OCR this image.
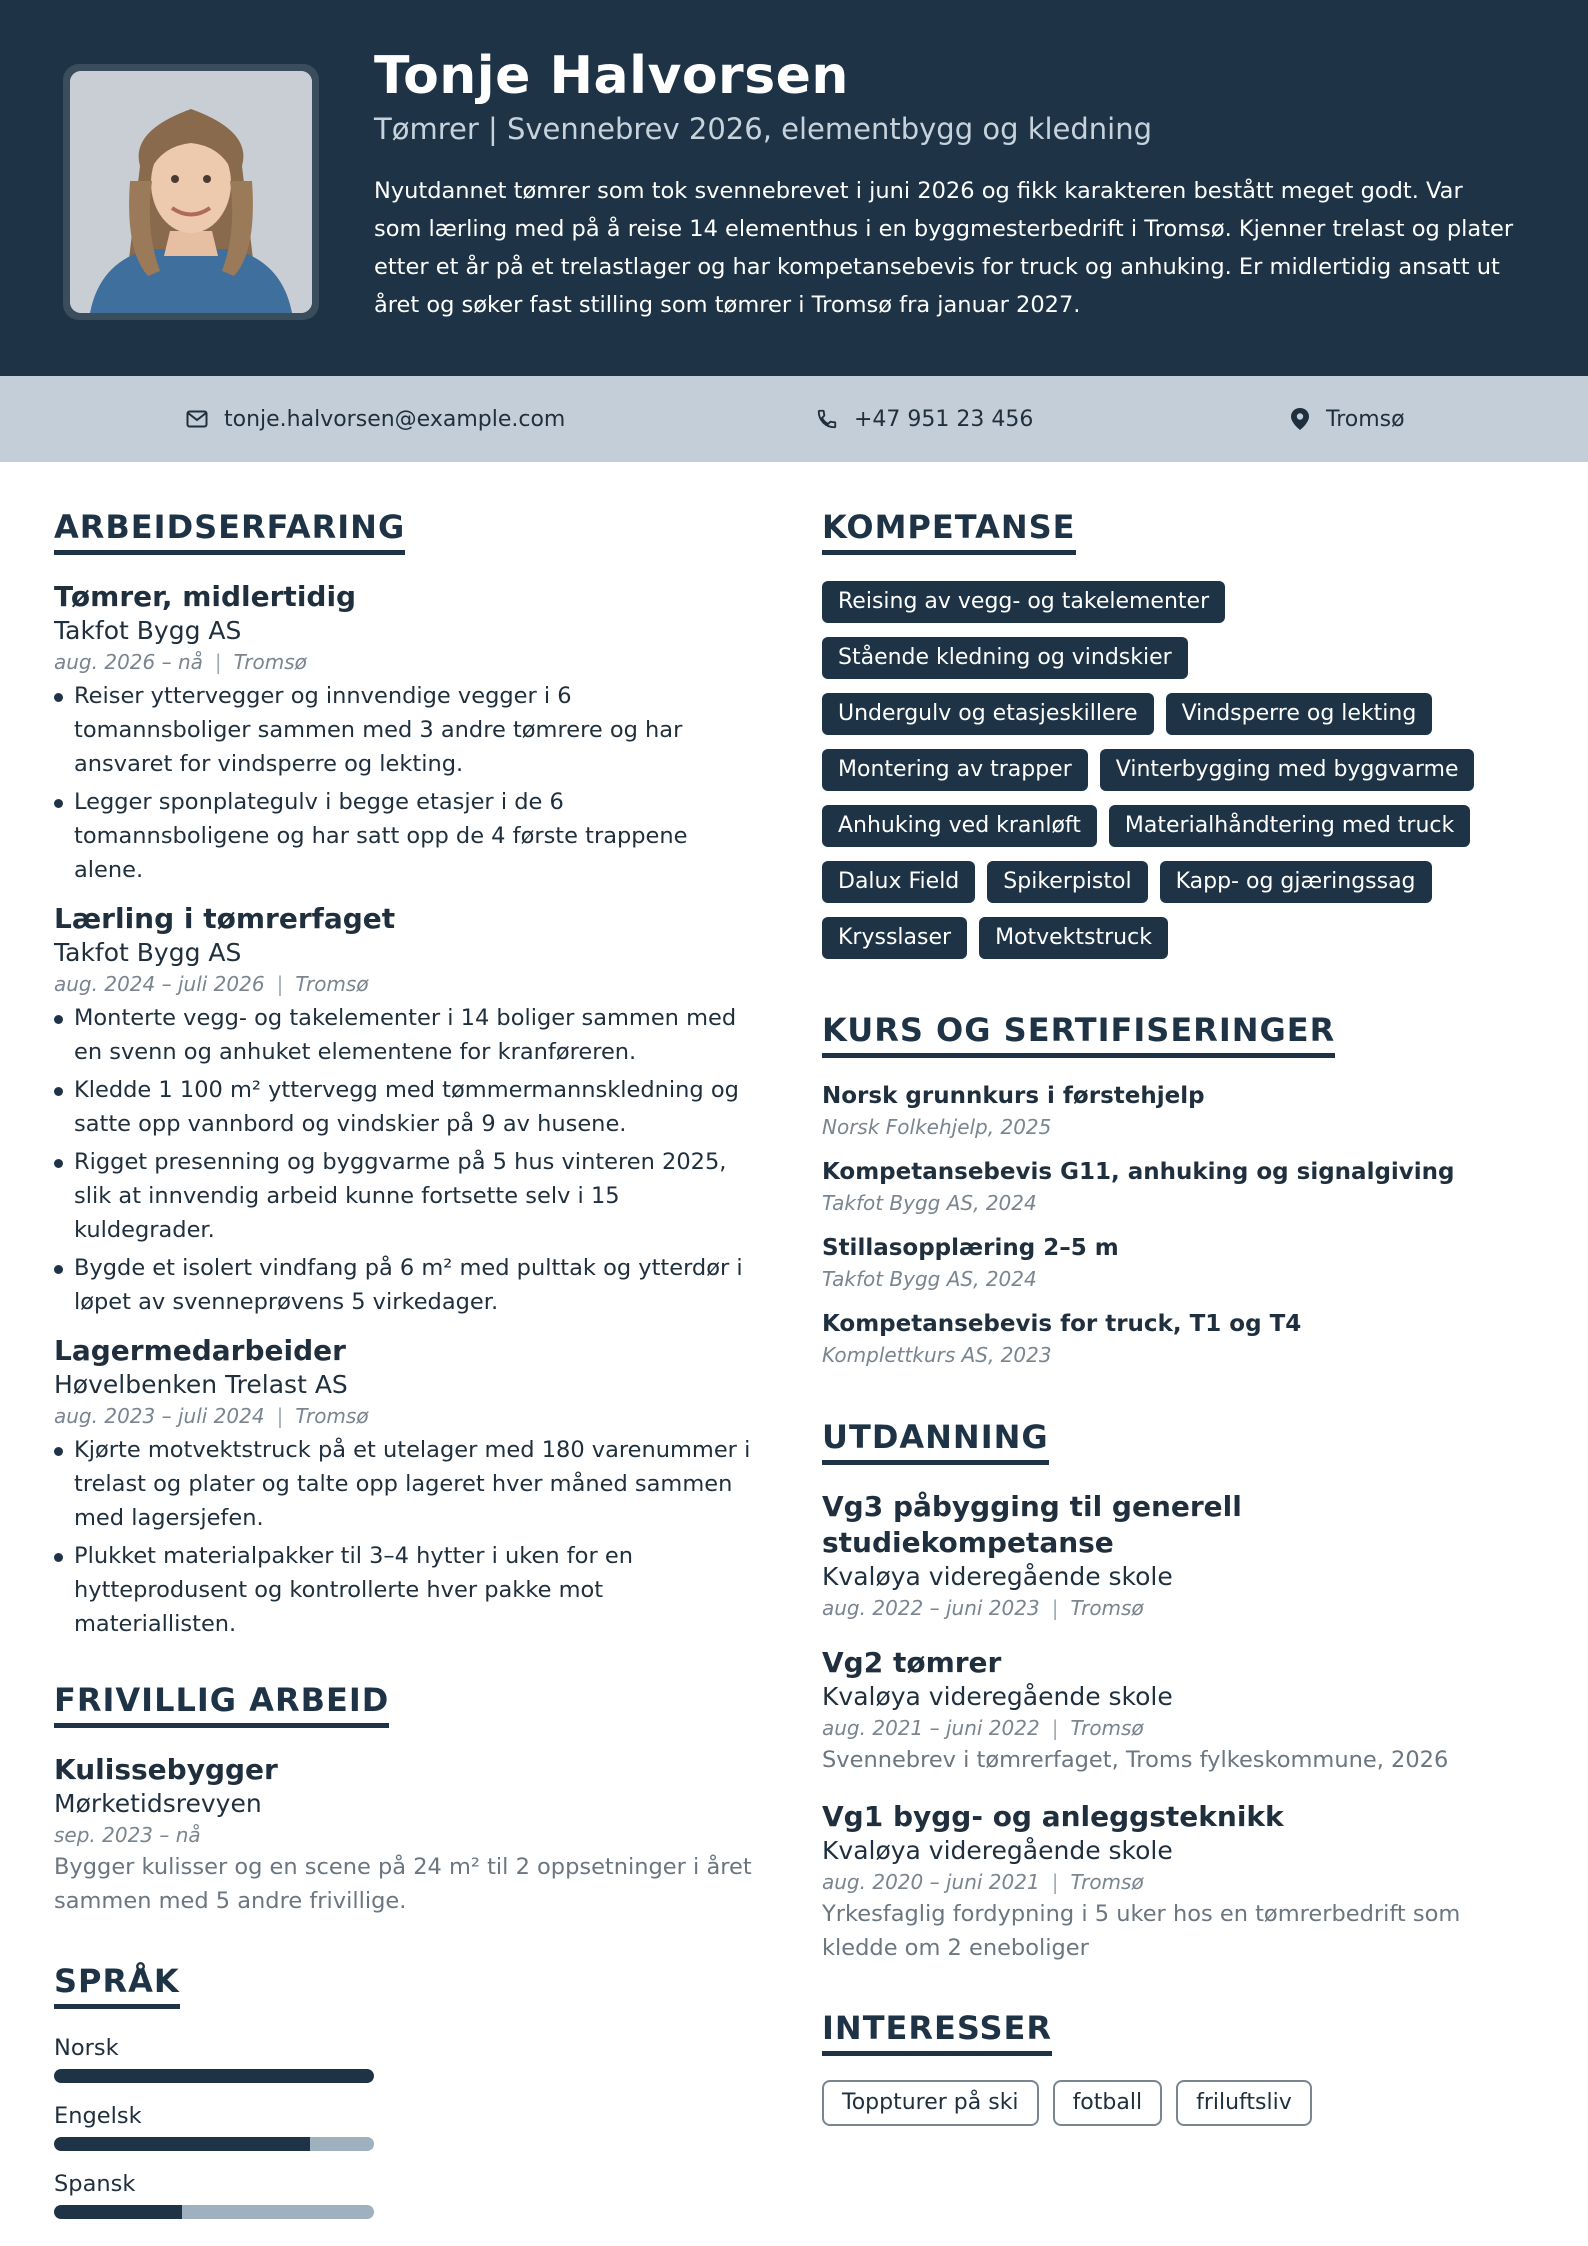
Tonje Halvorsen
Tømrer | Svennebrev 2026, elementbygg og kledning
Nyutdannet tømrer som tok svennebrevet i juni 2026 og fikk karakteren bestått meget godt. Var som lærling med på å reise 14 elementhus i en byggmesterbedrift i Tromsø. Kjenner trelast og plater etter et år på et trelastlager og har kompetansebevis for truck og anhuking. Er midlertidig ansatt ut året og søker fast stilling som tømrer i Tromsø fra januar 2027.
tonje.halvorsen@example.com	+47 951 23 456	Tromsø
ARBEIDSERFARING
Tømrer, midlertidig
Takfot Bygg AS
aug. 2026 – nå | Tromsø
Reiser yttervegger og innvendige vegger i 6 tomannsboliger sammen med 3 andre tømrere og har ansvaret for vindsperre og lekting.
Legger sponplategulv i begge etasjer i de 6 tomannsboligene og har satt opp de 4 første trappene alene.
Lærling i tømrerfaget
Takfot Bygg AS
aug. 2024 – juli 2026 | Tromsø
Monterte vegg- og takelementer i 14 boliger sammen med en svenn og anhuket elementene for kranføreren.
Kledde 1 100 m² yttervegg med tømmermannskledning og satte opp vannbord og vindskier på 9 av husene.
Rigget presenning og byggvarme på 5 hus vinteren 2025, slik at innvendig arbeid kunne fortsette selv i 15 kuldegrader.
Bygde et isolert vindfang på 6 m² med pulttak og ytterdør i løpet av svenneprøvens 5 virkedager.
Lagermedarbeider
Høvelbenken Trelast AS
aug. 2023 – juli 2024 | Tromsø
Kjørte motvektstruck på et utelager med 180 varenummer i trelast og plater og talte opp lageret hver måned sammen med lagersjefen.
Plukket materialpakker til 3–4 hytter i uken for en hytteprodusent og kontrollerte hver pakke mot materiallisten.
FRIVILLIG ARBEID
Kulissebygger
Mørketidsrevyen
sep. 2023 – nå
Bygger kulisser og en scene på 24 m² til 2 oppsetninger i året sammen med 5 andre frivillige.
SPRÅK
Norsk
Engelsk
Spansk
KOMPETANSE
Reising av vegg- og takelementer
Stående kledning og vindskier
Undergulv og etasjeskillere	Vindsperre og lekting
Montering av trapper	Vinterbygging med byggvarme
Anhuking ved kranløft	Materialhåndtering med truck
Dalux Field	Spikerpistol	Kapp- og gjæringssag
Krysslaser	Motvektstruck
KURS OG SERTIFISERINGER
Norsk grunnkurs i førstehjelp
Norsk Folkehjelp, 2025
Kompetansebevis G11, anhuking og signalgiving
Takfot Bygg AS, 2024
Stillasopplæring 2–5 m
Takfot Bygg AS, 2024
Kompetansebevis for truck, T1 og T4
Komplettkurs AS, 2023
UTDANNING
Vg3 påbygging til generell studiekompetanse
Kvaløya videregående skole
aug. 2022 – juni 2023 | Tromsø
Vg2 tømrer
Kvaløya videregående skole
aug. 2021 – juni 2022 | Tromsø
Svennebrev i tømrerfaget, Troms fylkeskommune, 2026
Vg1 bygg- og anleggsteknikk
Kvaløya videregående skole
aug. 2020 – juni 2021 | Tromsø
Yrkesfaglig fordypning i 5 uker hos en tømrerbedrift som kledde om 2 eneboliger
INTERESSER
Toppturer på ski	fotball	friluftsliv
